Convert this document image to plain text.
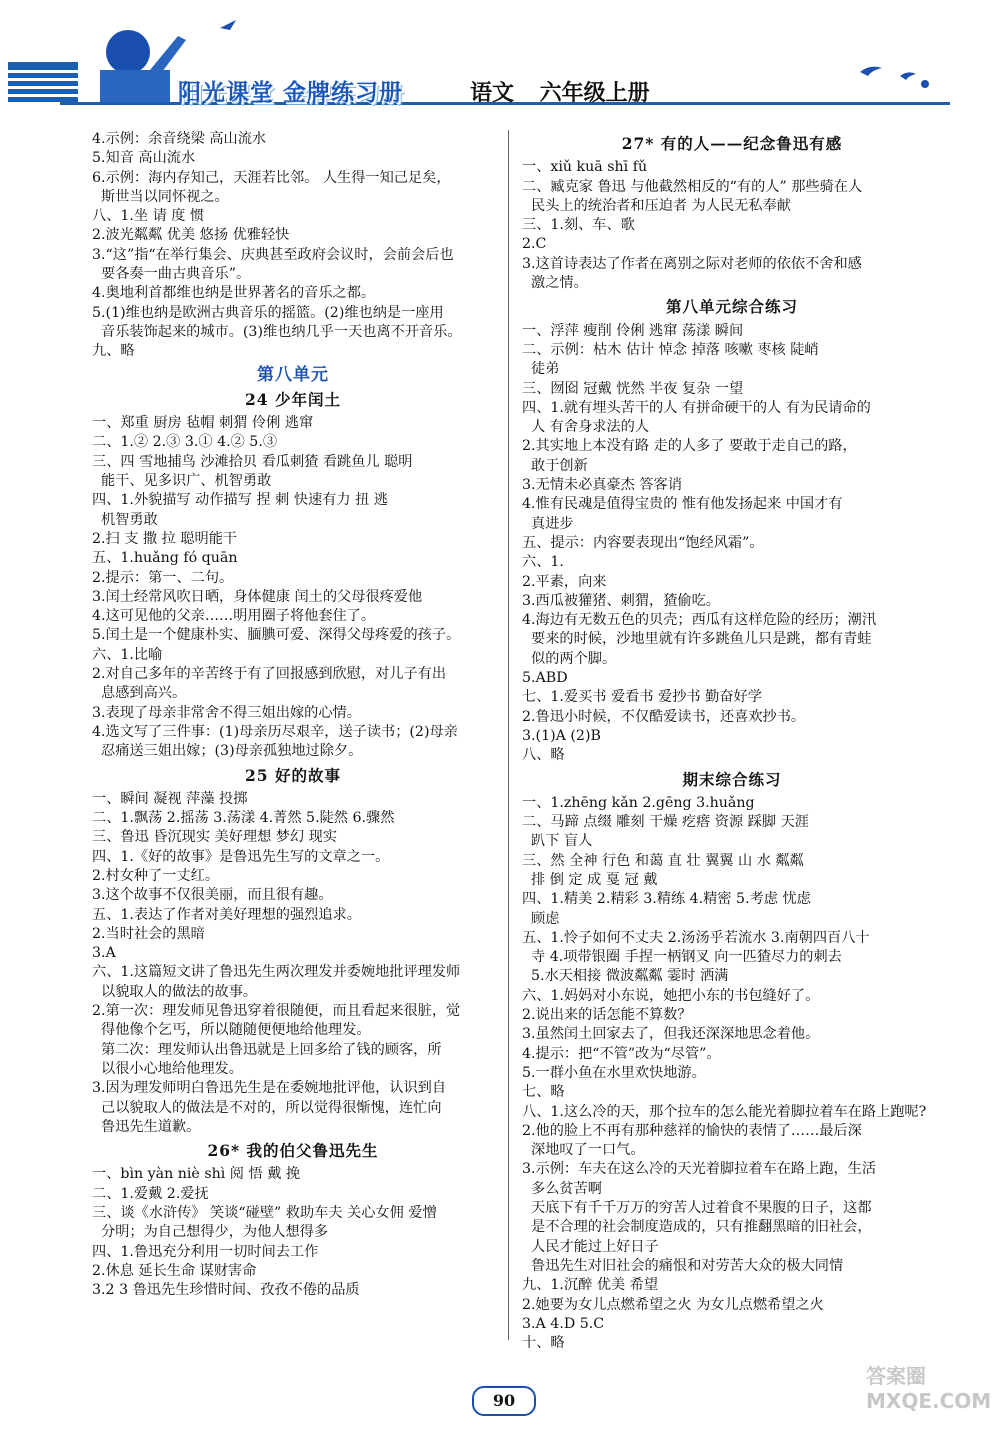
阳光课堂 金牌练习册	语文 六年级上册
4.示例：余音绕梁 高山流水
5.知音 高山流水
6.示例：海内存知己，天涯若比邻。 人生得一知己足矣，
斯世当以同怀视之。
八、1.坐 请 度 惯
2.波光粼粼 优美 悠扬 优雅轻快
3.“这”指“在举行集会、庆典甚至政府会议时，会前会后也
要各奏一曲古典音乐”。
4.奥地利首都维也纳是世界著名的音乐之都。
5.(1)维也纳是欧洲古典音乐的摇篮。(2)维也纳是一座用
音乐装饰起来的城市。(3)维也纳几乎一天也离不开音乐。
九、略
第八单元
24 少年闰土
一、郑重 厨房 毡帽 刺猬 伶俐 逃窜
二、1.② 2.③ 3.① 4.② 5.③
三、四 雪地捕鸟 沙滩拾贝 看瓜刺猹 看跳鱼儿 聪明
能干、见多识广、机智勇敢
四、1.外貌描写 动作描写 捏 刺 快速有力 扭 逃
机智勇敢
2.扫 支 撒 拉 聪明能干
五、1.huǎng fó quān
2.提示：第一、二句。
3.闰土经常风吹日晒，身体健康 闰土的父母很疼爱他
4.这可见他的父亲……明用圈子将他套住了。
5.闰土是一个健康朴实、腼腆可爱、深得父母疼爱的孩子。
六、1.比喻
2.对自己多年的辛苦终于有了回报感到欣慰，对儿子有出
息感到高兴。
3.表现了母亲非常舍不得三姐出嫁的心情。
4.选文写了三件事：(1)母亲历尽艰辛，送子读书；(2)母亲
忍痛送三姐出嫁；(3)母亲孤独地过除夕。
25 好的故事
一、瞬间 凝视 萍藻 投掷
二、1.飘荡 2.摇荡 3.荡漾 4.菁然 5.陡然 6.骤然
三、鲁迅 昏沉现实 美好理想 梦幻 现实
四、1.《好的故事》是鲁迅先生写的文章之一。
2.村女种了一丈红。
3.这个故事不仅很美丽，而且很有趣。
五、1.表达了作者对美好理想的强烈追求。
2.当时社会的黑暗
3.A
六、1.这篇短文讲了鲁迅先生两次理发并委婉地批评理发师
以貌取人的做法的故事。
2.第一次：理发师见鲁迅穿着很随便，而且看起来很脏，觉
得他像个乞丐，所以随随便便地给他理发。
第二次：理发师认出鲁迅就是上回多给了钱的顾客，所
以很小心地给他理发。
3.因为理发师明白鲁迅先生是在委婉地批评他，认识到自
己以貌取人的做法是不对的，所以觉得很惭愧，连忙向
鲁迅先生道歉。
26* 我的伯父鲁迅先生
一、bìn yàn niè shì 阅 悟 戴 挽
二、1.爱戴 2.爱抚
三、谈《水浒传》 笑谈“碰壁” 救助车夫 关心女佣 爱憎
分明；为自己想得少，为他人想得多
四、1.鲁迅充分利用一切时间去工作
2.休息 延长生命 谋财害命
3.2 3 鲁迅先生珍惜时间、孜孜不倦的品质
27* 有的人——纪念鲁迅有感
一、xiǔ kuā shī fǔ
二、臧克家 鲁迅 与他截然相反的“有的人” 那些骑在人
民头上的统治者和压迫者 为人民无私奉献
三、1.刻、车、歌
2.C
3.这首诗表达了作者在离别之际对老师的依依不舍和感
激之情。
第八单元综合练习
一、浮萍 瘦削 伶俐 逃窜 荡漾 瞬间
二、示例：枯木 估计 悼念 掉落 咳嗽 枣核 陡峭
徒弟
三、囫囵 冠戴 恍然 半夜 复杂 一望
四、1.就有埋头苦干的人 有拼命硬干的人 有为民请命的
人 有舍身求法的人
2.其实地上本没有路 走的人多了 要敢于走自己的路，
敢于创新
3.无情未必真豪杰 答客诮
4.惟有民魂是值得宝贵的 惟有他发扬起来 中国才有
真进步
五、提示：内容要表现出“饱经风霜”。
六、1.
2.平素，向来
3.西瓜被獾猪、刺猬，猹偷吃。
4.海边有无数五色的贝壳；西瓜有这样危险的经历；潮汛
要来的时候，沙地里就有许多跳鱼儿只是跳，都有青蛙
似的两个脚。
5.ABD
七、1.爱买书 爱看书 爱抄书 勤奋好学
2.鲁迅小时候，不仅酷爱读书，还喜欢抄书。
3.(1)A (2)B
八、略
期末综合练习
一、1.zhēng kǎn 2.gēng 3.huǎng
二、马蹄 点缀 雕刻 干燥 疙瘩 资源 踩脚 天涯
趴下 盲人
三、然 全神 行色 和蔼 直 壮 翼翼 山 水 粼粼
排 倒 定 成 戛 冠 戴
四、1.精美 2.精彩 3.精练 4.精密 5.考虑 忧虑
顾虑
五、1.怜子如何不丈夫 2.汤汤乎若流水 3.南朝四百八十
寺 4.项带银圈 手捏一柄钢叉 向一匹猹尽力的刺去
5.水天相接 微波粼粼 霎时 洒满
六、1.妈妈对小东说，她把小东的书包缝好了。
2.说出来的话怎能不算数？
3.虽然闰土回家去了，但我还深深地思念着他。
4.提示：把“不管”改为“尽管”。
5.一群小鱼在水里欢快地游。
七、略
八、1.这么冷的天，那个拉车的怎么能光着脚拉着车在路上跑呢?
2.他的脸上不再有那种慈祥的愉快的表情了……最后深
深地叹了一口气。
3.示例：车夫在这么冷的天光着脚拉着车在路上跑，生活
多么贫苦啊
天底下有千千万万的穷苦人过着食不果腹的日子，这都
是不合理的社会制度造成的，只有推翻黑暗的旧社会，
人民才能过上好日子
鲁迅先生对旧社会的痛恨和对劳苦大众的极大同情
九、1.沉醉 优美 希望
2.她要为女儿点燃希望之火 为女儿点燃希望之火
3.A 4.D 5.C
十、略
90
答案圈 MXQE.COM
